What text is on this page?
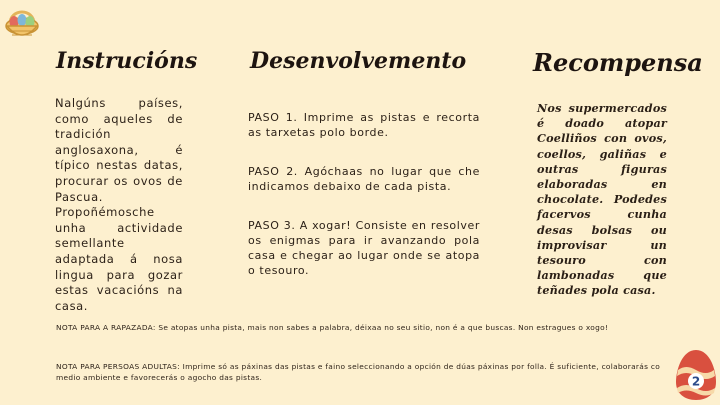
Instruciόns Desenvolvemento	Recompensa
Nalgúns países, como aqueles de tradición anglosaxona, é típico nestas datas, procurar os ovos de Pascua. Propoñémosche unha actividade semellante adaptada á nosa lingua para gozar estas vacacións na casa.

PASO 1. Imprime as pistas e recorta as tarxetas polo borde.

PASO 2. Agóchaas no lugar que che indicamos debaixo de cada pista.

PASO 3. A xogar! Consiste en resolver os enigmas para ir avanzando pola casa e chegar ao lugar onde se atopa o tesouro.

Nos supermercados é doado atopar Coelliños con ovos, coellos, galiñas e outras figuras elaboradas en chocolate. Podedes facervos cunha desas bolsas ou improvisar un tesouro con lambonadas que teñades pola casa.
NOTA PARA A RAPAZADA: Se atopas unha pista, mais non sabes a palabra, déixaa no seu sitio, non é a que buscas. Non estragues o xogo!
NOTA PARA PERSOAS ADULTAS: Imprime só as páxinas das pistas e faino seleccionando a opción de dúas páxinas por folla. É suficiente, colaborarás co medio ambiente e favorecerás o agocho das pistas.	2
